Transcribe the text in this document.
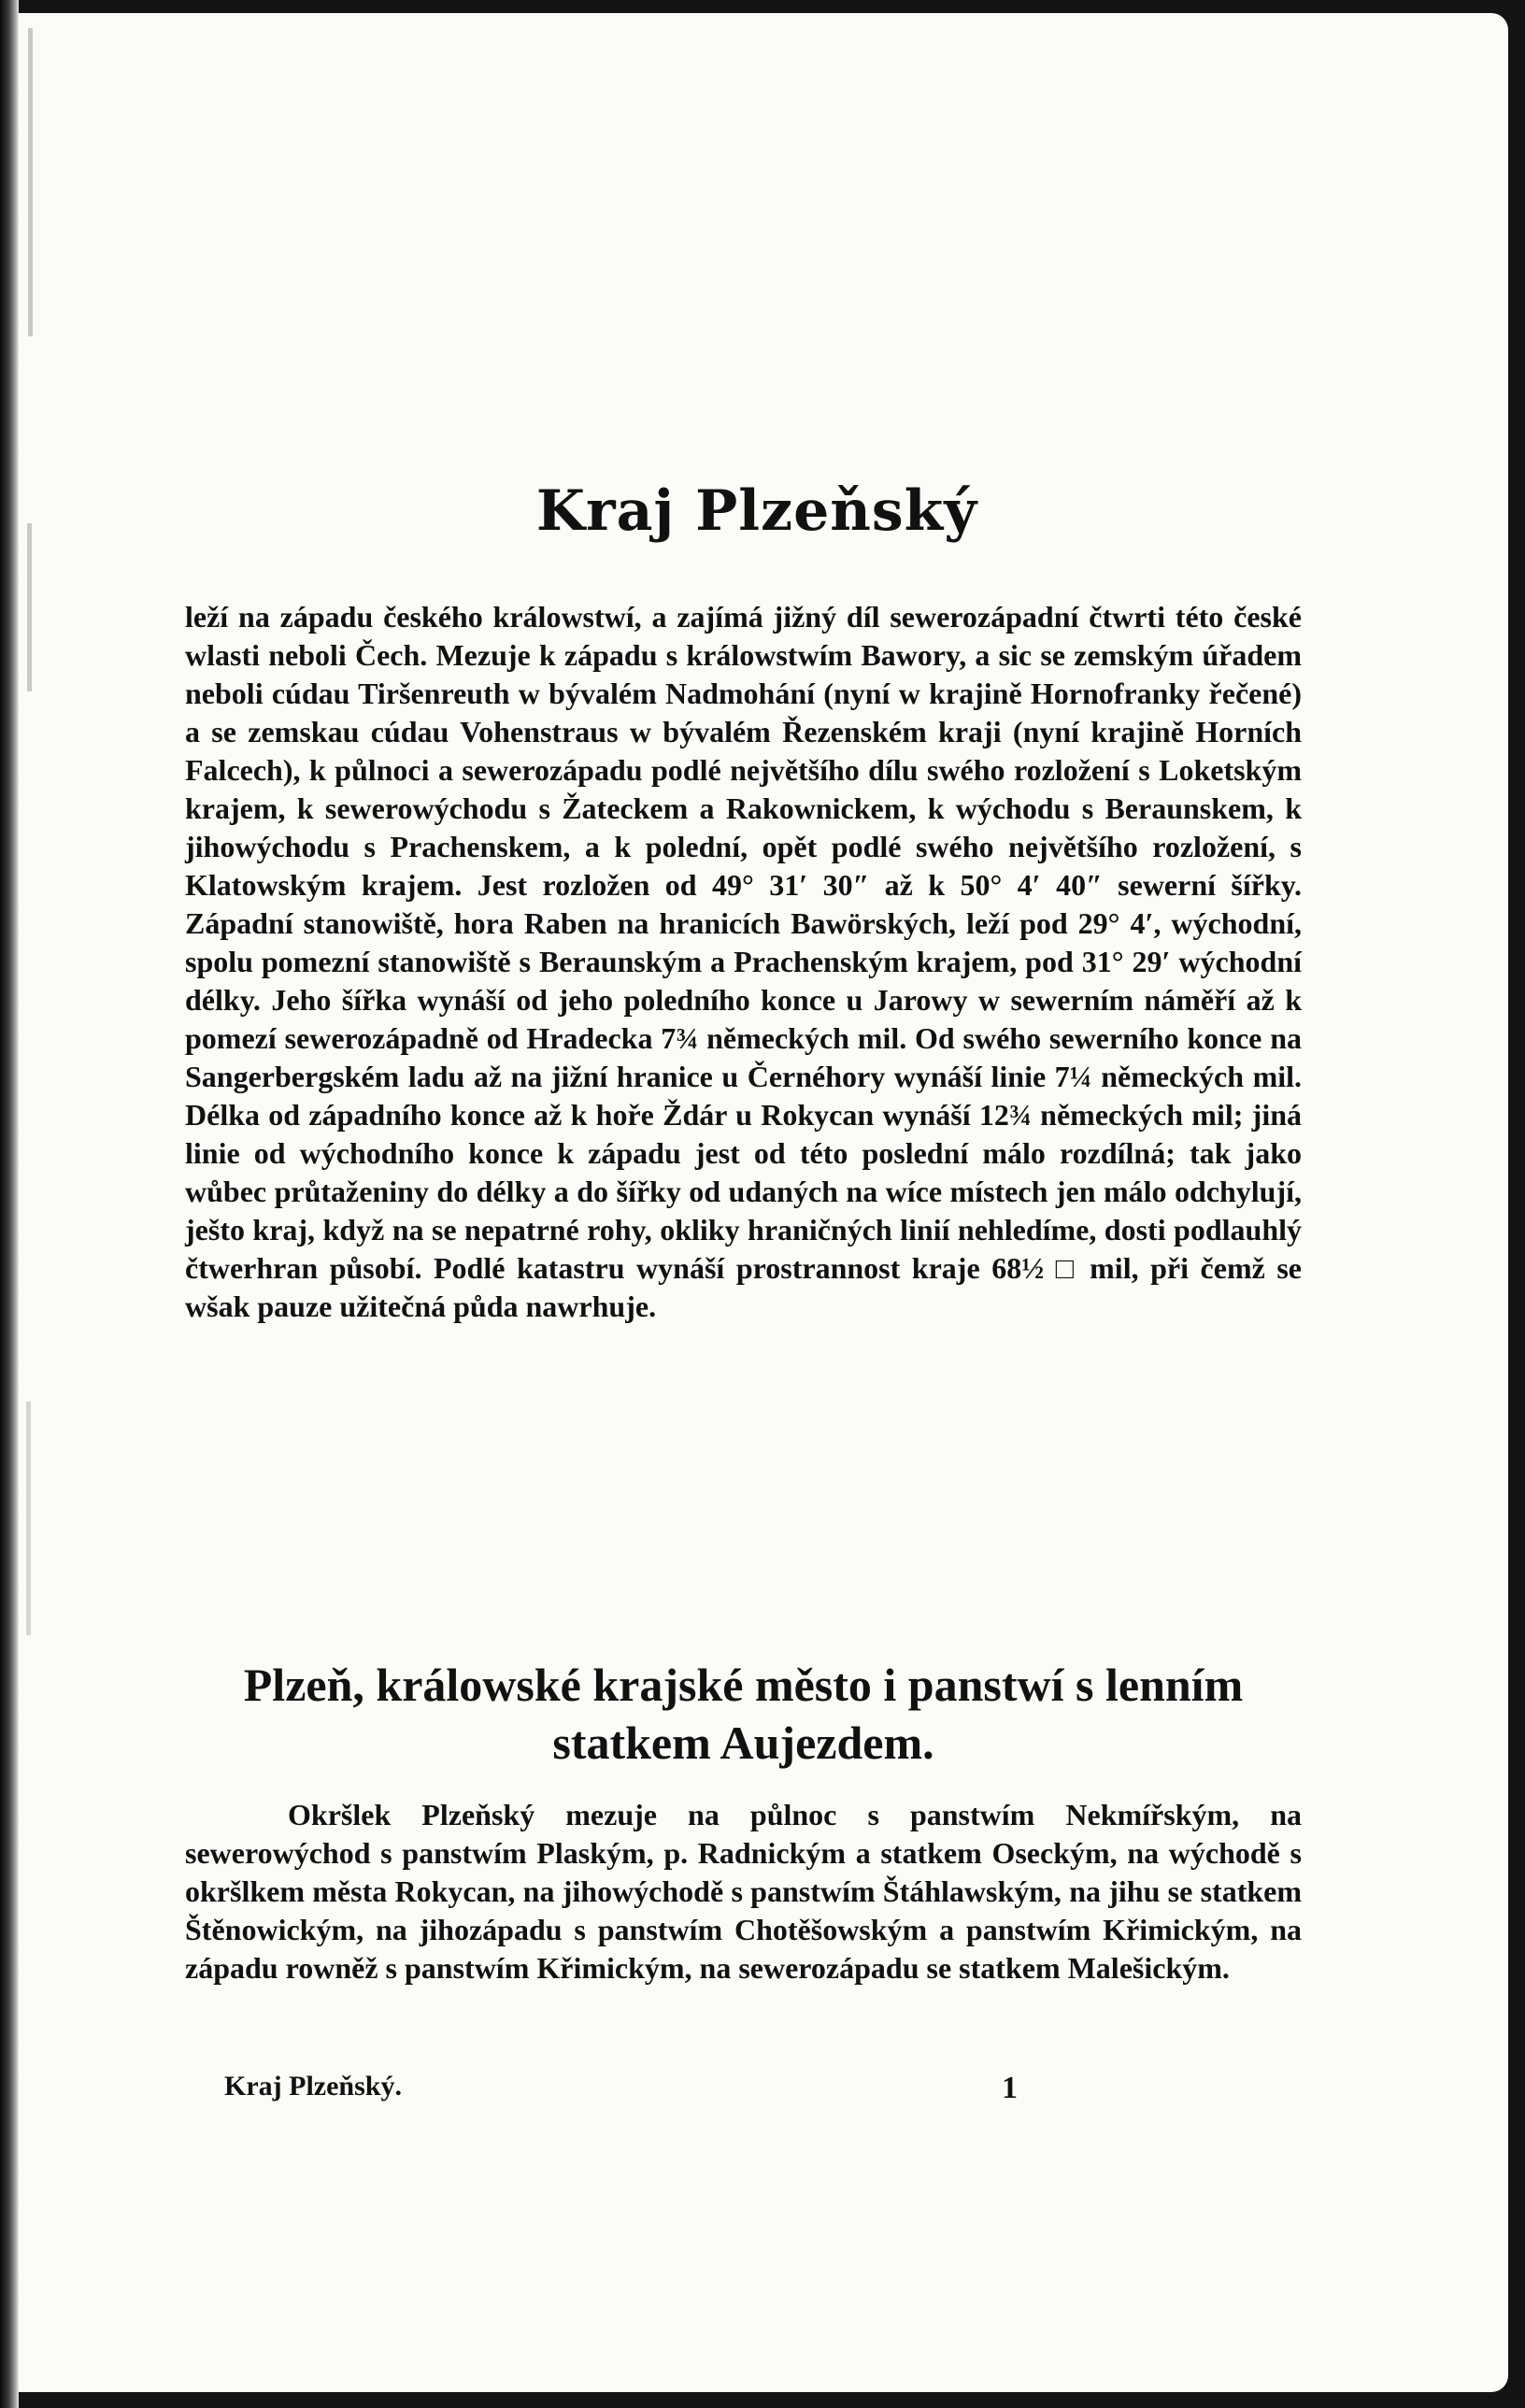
Kraj Plzeňský

leží na západu českého králowstwí, a zajímá jižný díl sewerozápadní čtwrti této české wlasti neboli Čech. Mezuje k západu s králowstwím Bawory, a sic se zemským úřadem neboli cúdau Tiršenreuth w bývalém Nadmohání (nyní w krajině Hornofranky řečené) a se zemskau cúdau Vohenstraus w bývalém Řezenském kraji (nyní krajině Horních Falcech), k půlnoci a sewerozápadu podlé největšího dílu swého rozložení s Loketským krajem, k sewerowýchodu s Žateckem a Rakownickem, k wýchodu s Beraunskem, k jihowýchodu s Prachenskem, a k polední, opět podlé swého největšího rozložení, s Klatowským krajem. Jest rozložen od 49° 31′ 30″ až k 50° 4′ 40″ sewerní šířky. Západní stanowiště, hora Raben na hranicích Bawörských, leží pod 29° 4′, wýchodní, spolu pomezní stanowiště s Beraunským a Prachenským krajem, pod 31° 29′ wýchodní délky. Jeho šířka wynáší od jeho poledního konce u Jarowy w sewerním náměří až k pomezí sewerozápadně od Hradecka 7¾ německých mil. Od swého sewerního konce na Sangerbergském ladu až na jižní hranice u Černéhory wynáší linie 7¼ německých mil. Délka od západního konce až k hoře Ždár u Rokycan wynáší 12¾ německých mil; jiná linie od wýchodního konce k západu jest od této poslední málo rozdílná; tak jako wůbec průtaženiny do délky a do šířky od udaných na wíce místech jen málo odchylují, ješto kraj, když na se nepatrné rohy, okliky hraničných linií nehledíme, dosti podlauhlý čtwerhran působí. Podlé katastru wynáší prostrannost kraje 68½ □ mil, při čemž se wšak pauze užitečná půda nawrhuje.

Plzeň, králowské krajské město i panstwí s lenním statkem Aujezdem.

Okršlek Plzeňský mezuje na půlnoc s panstwím Nekmířským, na sewerowýchod s panstwím Plaským, p. Radnickým a statkem Oseckým, na wýchodě s okršlkem města Rokycan, na jihowýchodě s panstwím Štáhlawským, na jihu se statkem Štěnowickým, na jihozápadu s panstwím Chotěšowským a panstwím Křimickým, na západu rowněž s panstwím Křimickým, na sewerozápadu se statkem Malešickým.

Kraj Plzeňský.	1
